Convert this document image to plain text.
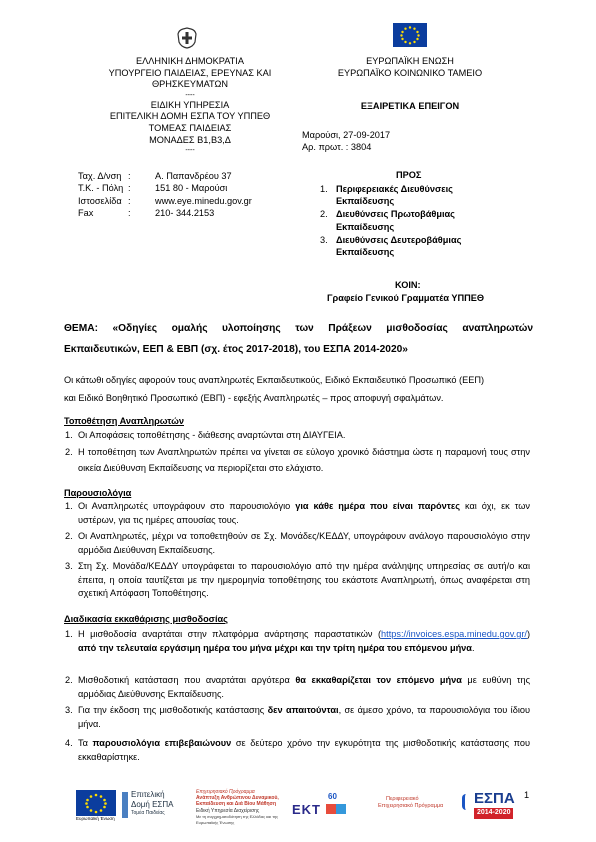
ΕΛΛΗΝΙΚΗ ΔΗΜΟΚΡΑΤΙΑ
ΥΠΟΥΡΓΕΙΟ ΠΑΙΔΕΙΑΣ, ΕΡΕΥΝΑΣ ΚΑΙ
ΘΡΗΣΚΕΥΜΑΤΩΝ
----
ΕΙΔΙΚΗ ΥΠΗΡΕΣΙΑ
ΕΠΙΤΕΛΙΚΗ ΔΟΜΗ ΕΣΠΑ ΤΟΥ ΥΠΠΕΘ
ΤΟΜΕΑΣ ΠΑΙΔΕΙΑΣ
ΜΟΝΑΔΕΣ Β1,Β3,Δ
----
Ταχ. Δ/νση :	Α. Παπανδρέου 37
Τ.Κ. - Πόλη :	151 80 - Μαρούσι
Ιστοσελίδα :	www.eye.minedu.gov.gr
Fax	:	210- 344.2153
ΕΥΡΩΠΑΪΚΗ ΕΝΩΣΗ
ΕΥΡΩΠΑΪΚΟ ΚΟΙΝΩΝΙΚΟ ΤΑΜΕΙΟ
ΕΞΑΙΡΕΤΙΚΑ ΕΠΕΙΓΟΝ
Μαρούσι, 27-09-2017
Αρ. πρωτ. : 3804
ΠΡΟΣ
1. Περιφερειακές Διευθύνσεις
Εκπαίδευσης
2. Διευθύνσεις Πρωτοβάθμιας
Εκπαίδευσης
3. Διευθύνσεις Δευτεροβάθμιας
Εκπαίδευσης
ΚΟΙΝ:
Γραφείο Γενικού Γραμματέα ΥΠΠΕΘ
ΘΕΜΑ: «Οδηγίες ομαλής υλοποίησης των Πράξεων μισθοδοσίας αναπληρωτών
Εκπαιδευτικών, ΕΕΠ & ΕΒΠ (σχ. έτος 2017-2018), του ΕΣΠΑ 2014-2020»
Οι κάτωθι οδηγίες αφορούν τους αναπληρωτές Εκπαιδευτικούς, Ειδικό Εκπαιδευτικό Προσωπικό (ΕΕΠ)
και Ειδικό Βοηθητικό Προσωπικό (ΕΒΠ) - εφεξής Αναπληρωτές – προς αποφυγή σφαλμάτων.
Τοποθέτηση Αναπληρωτών
1. Οι Αποφάσεις τοποθέτησης - διάθεσης αναρτώνται στη ΔΙΑΥΓΕΙΑ.
2. Η τοποθέτηση των Αναπληρωτών πρέπει να γίνεται σε εύλογο χρονικό διάστημα ώστε η παραμονή τους στην οικεία Διεύθυνση Εκπαίδευσης να περιορίζεται στο ελάχιστο.
Παρουσιολόγια
1. Οι Αναπληρωτές υπογράφουν στο παρουσιολόγιο για κάθε ημέρα που είναι παρόντες και όχι, εκ των υστέρων, για τις ημέρες απουσίας τους.
2. Οι Αναπληρωτές, μέχρι να τοποθετηθούν σε Σχ. Μονάδες/ΚΕΔΔΥ, υπογράφουν ανάλογο παρουσιολόγιο στην αρμόδια Διεύθυνση Εκπαίδευσης.
3. Στη Σχ. Μονάδα/ΚΕΔΔΥ υπογράφεται το παρουσιολόγιο από την ημέρα ανάληψης υπηρεσίας σε αυτή/ο και έπειτα, η οποία ταυτίζεται με την ημερομηνία τοποθέτησης του εκάστοτε Αναπληρωτή, όπως αναφέρεται στη σχετική Απόφαση Τοποθέτησης.
Διαδικασία εκκαθάρισης μισθοδοσίας
1. Η μισθοδοσία αναρτάται στην πλατφόρμα ανάρτησης παραστατικών (https://invoices.espa.minedu.gov.gr/) από την τελευταία εργάσιμη ημέρα του μήνα μέχρι και την τρίτη ημέρα του επόμενου μήνα.
2. Μισθοδοτική κατάσταση που αναρτάται αργότερα θα εκκαθαρίζεται τον επόμενο μήνα με ευθύνη της αρμόδιας Διεύθυνσης Εκπαίδευσης.
3. Για την έκδοση της μισθοδοτικής κατάστασης δεν απαιτούνται, σε άμεσο χρόνο, τα παρουσιολόγια του ίδιου μήνα.
4. Τα παρουσιολόγια επιβεβαιώνουν σε δεύτερο χρόνο την εγκυρότητα της μισθοδοτικής κατάστασης που εκκαθαρίστηκε.
1
Ευρωπαϊκή Ένωση
Επιτελική
Δομή ΕΣΠΑ
Τομέα Παιδείας
Επιχειρησιακό Πρόγραμμα
Ανάπτυξη Ανθρώπινου Δυναμικού,
Εκπαίδευση και Διά Βίου Μάθηση
Ειδική Υπηρεσία Διαχείρισης
Με τη συγχρηματοδότηση της Ελλάδας και της Ευρωπαϊκής Ένωσης
60
ΕΚΤ
Περιφερειακό
Επιχειρησιακό Πρόγραμμα	ΕΣΠΑ
2014-2020
